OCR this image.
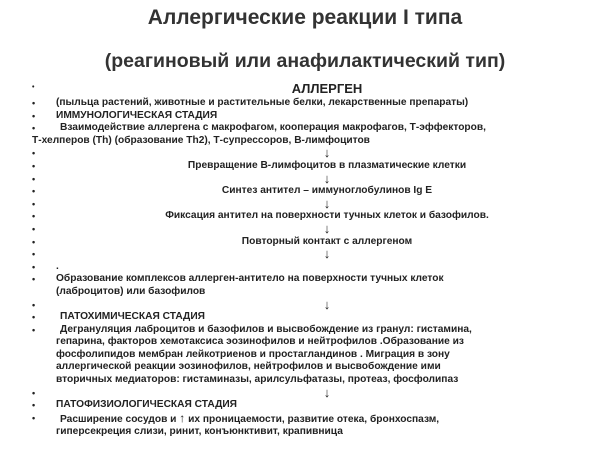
Аллергические реакции I типа
(реагиновый или анафилактический тип)
•	АЛЛЕРГЕН
•	(пыльца растений, животные и растительные белки, лекарственные препараты)
•	ИММУНОЛОГИЧЕСКАЯ СТАДИЯ
•	Взаимодействие аллергена с макрофагом, кооперация макрофагов, Т-эффекторов,
Т-хелперов (Th) (образование Th2), Т-супрессоров, В-лимфоцитов
•	↓
•	Превращение В-лимфоцитов в плазматические клетки
•	↓
•	Синтез антител – иммуноглобулинов Ig E
•	↓
•	Фиксация антител на поверхности тучных клеток и базофилов.
•	↓
•	Повторный контакт с аллергеном
•	↓
•	.
•	Образование комплексов аллерген-антитело на поверхности тучных клеток
(лаброцитов) или базофилов
•	↓
•	ПАТОХИМИЧЕСКАЯ СТАДИЯ
•	Дегрануляция лаброцитов и базофилов и высвобождение из гранул: гистамина,
гепарина, факторов хемотаксиса эозинофилов и нейтрофилов .Образование из
фосфолипидов мембран лейкотриенов и простагландинов . Миграция в зону
аллергической реакции эозинофилов, нейтрофилов и высвобождение ими
вторичных медиаторов: гистаминазы, арилсульфатазы, протеаз, фосфолипаз
•	↓
•	ПАТОФИЗИОЛОГИЧЕСКАЯ СТАДИЯ
•	Расширение сосудов и ↑ их проницаемости, развитие отека, бронхоспазм,
гиперсекреция слизи, ринит, конъюнктивит, крапивница
